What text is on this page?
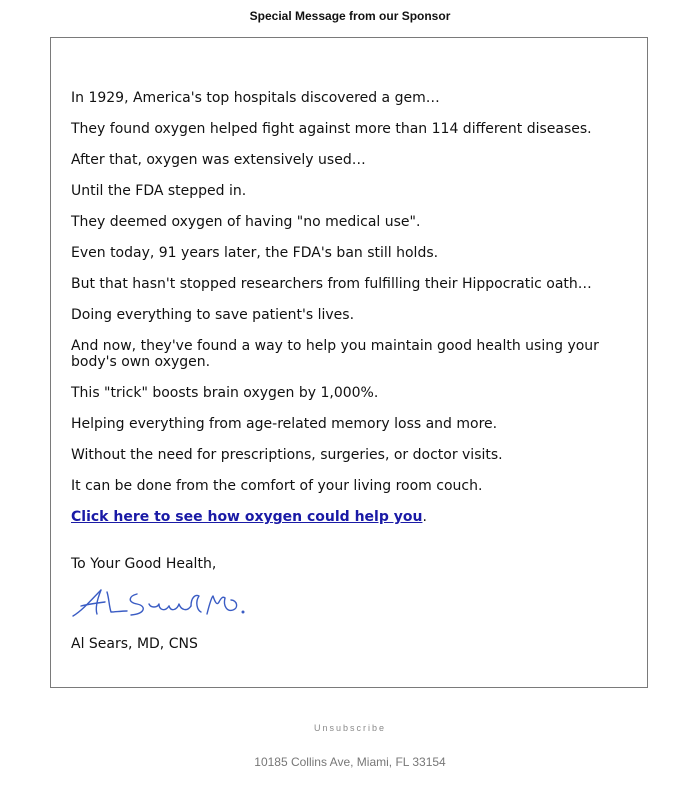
Special Message from our Sponsor

In 1929, America's top hospitals discovered a gem…

They found oxygen helped fight against more than 114 different diseases.

After that, oxygen was extensively used…

Until the FDA stepped in.

They deemed oxygen of having "no medical use".

Even today, 91 years later, the FDA's ban still holds.

But that hasn't stopped researchers from fulfilling their Hippocratic oath…

Doing everything to save patient's lives.

And now, they've found a way to help you maintain good health using your body's own oxygen.

This "trick" boosts brain oxygen by 1,000%.

Helping everything from age-related memory loss and more.

Without the need for prescriptions, surgeries, or doctor visits.

It can be done from the comfort of your living room couch.

Click here to see how oxygen could help you.

To Your Good Health,

Al Sears, MD, CNS

Unsubscribe
10185 Collins Ave, Miami, FL 33154
